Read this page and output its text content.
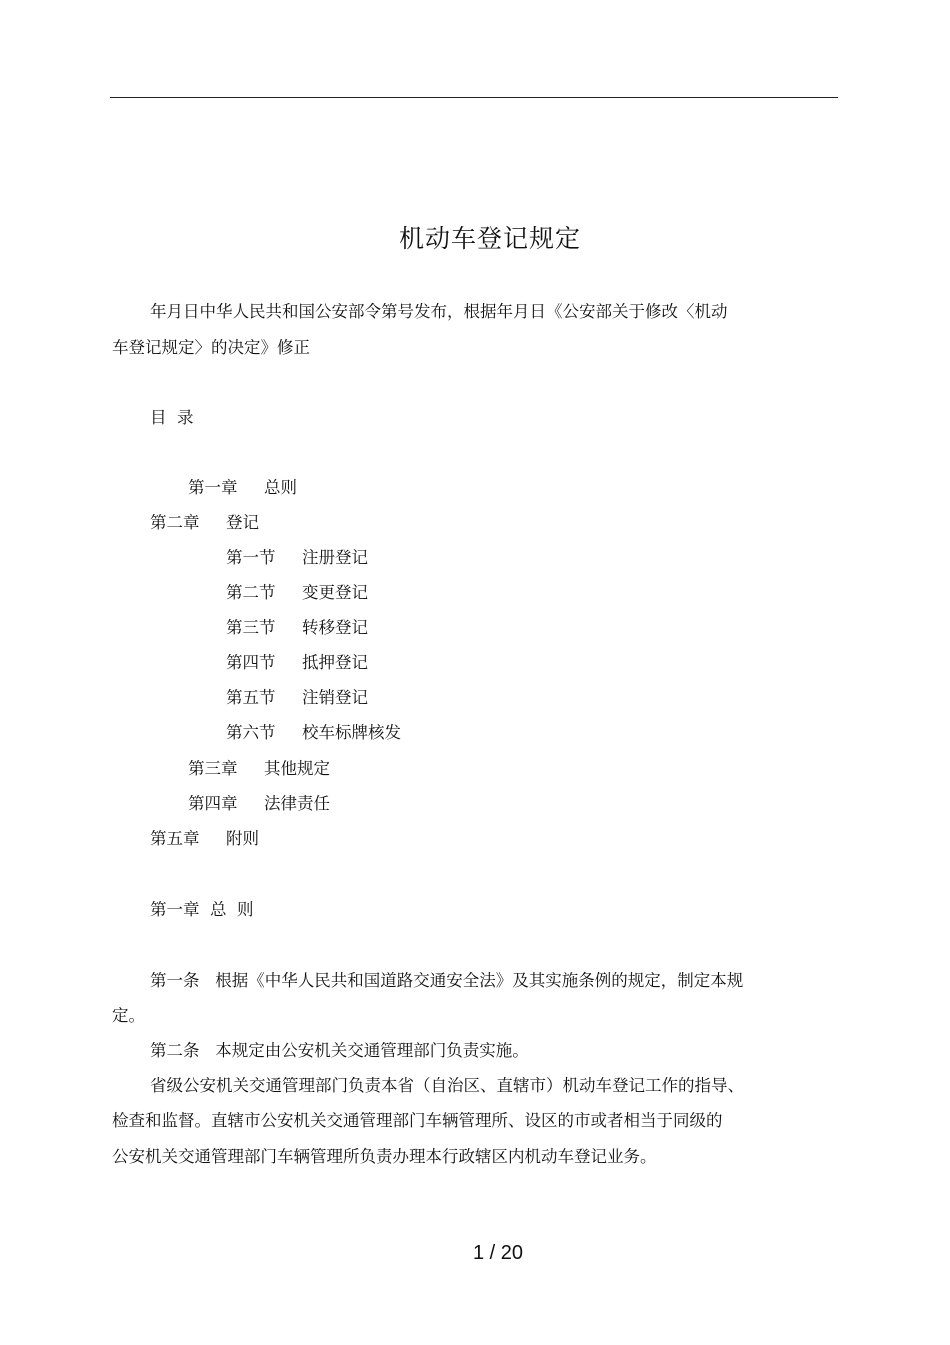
机动车登记规定
年月日中华人民共和国公安部令第号发布，根据年月日《公安部关于修改〈机动
车登记规定〉的决定》修正
目  录
第一章 总则
第二章 登记
第一节 注册登记
第二节 变更登记
第三节 转移登记
第四节 抵押登记
第五节 注销登记
第六节 校车标牌核发
第三章 其他规定
第四章 法律责任
第五章 附则
第一章  总  则
第一条   根据《中华人民共和国道路交通安全法》及其实施条例的规定，制定本规
定。
第二条   本规定由公安机关交通管理部门负责实施。
省级公安机关交通管理部门负责本省（自治区、直辖市）机动车登记工作的指导、
检查和监督。直辖市公安机关交通管理部门车辆管理所、设区的市或者相当于同级的
公安机关交通管理部门车辆管理所负责办理本行政辖区内机动车登记业务。
1 / 20
